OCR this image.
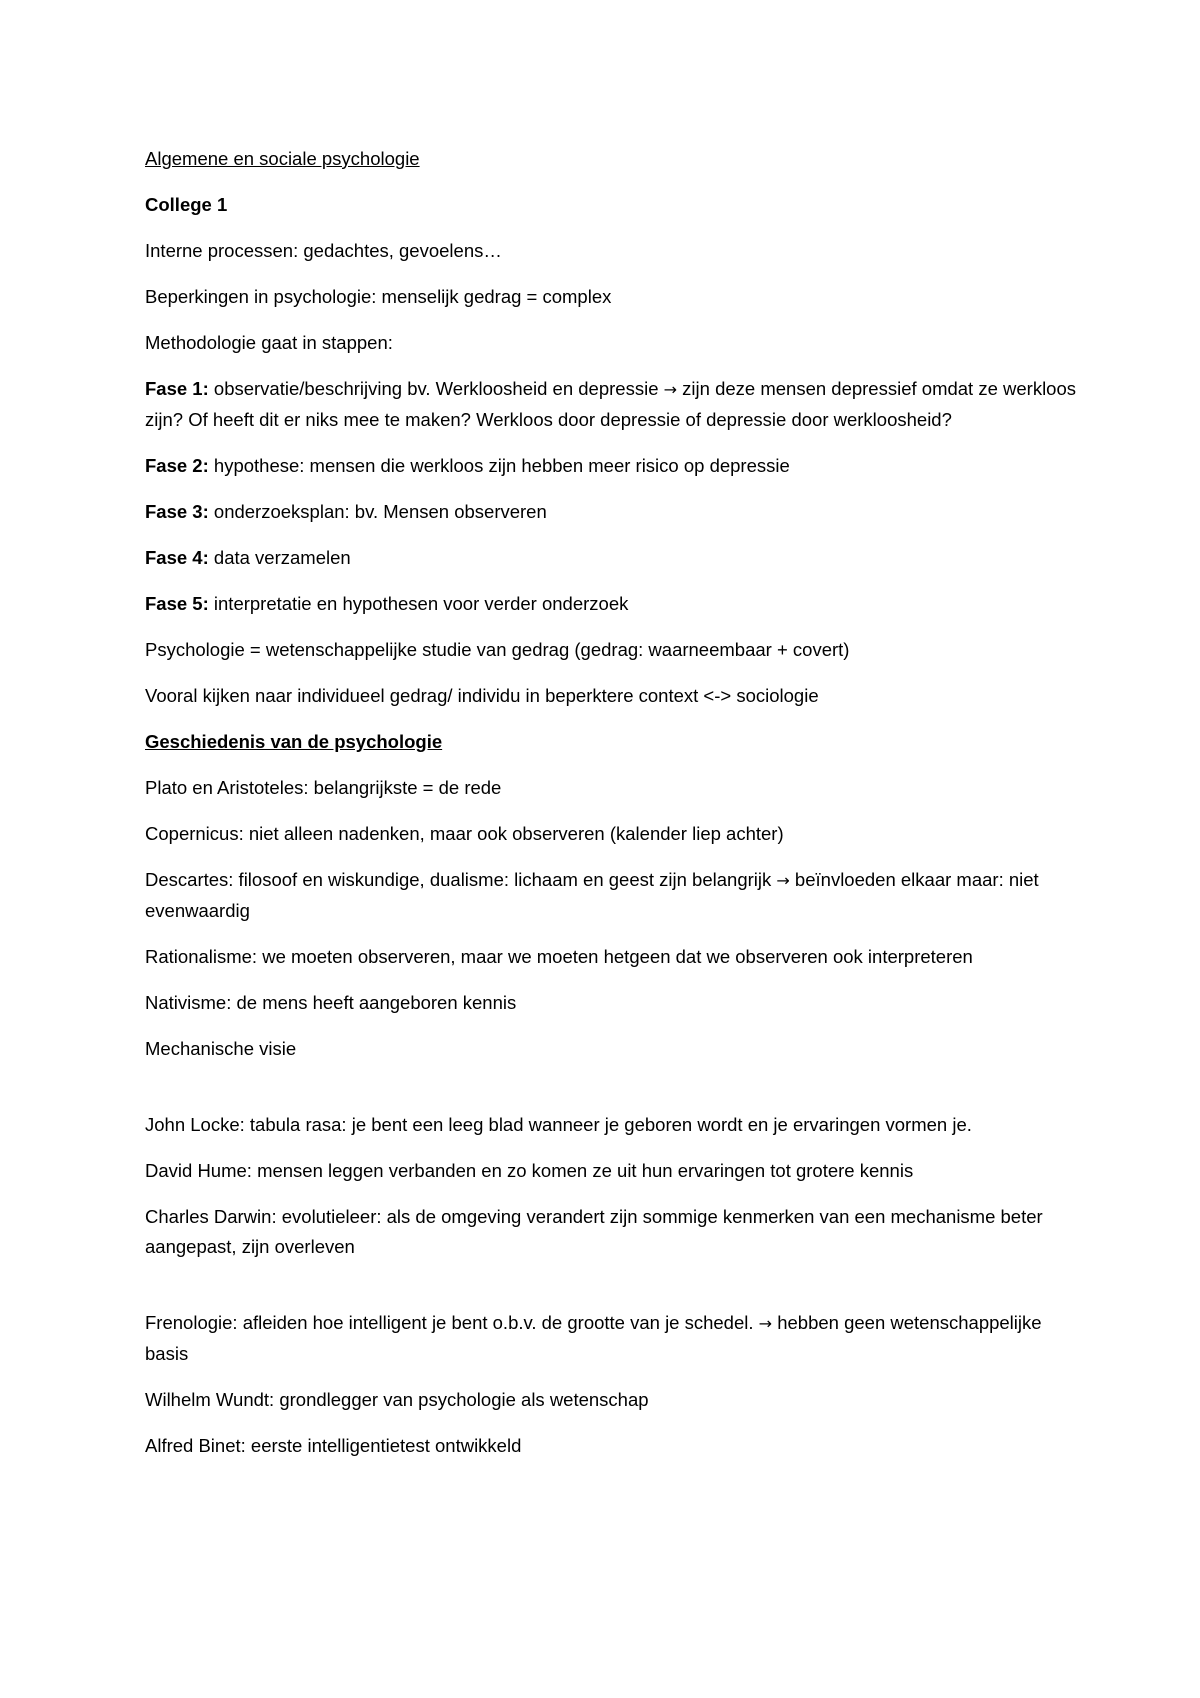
Algemene en sociale psychologie

College 1

Interne processen: gedachtes, gevoelens…

Beperkingen in psychologie: menselijk gedrag = complex

Methodologie gaat in stappen:

Fase 1: observatie/beschrijving bv. Werkloosheid en depressie → zijn deze mensen depressief omdat ze werkloos zijn? Of heeft dit er niks mee te maken? Werkloos door depressie of depressie door werkloosheid?

Fase 2: hypothese: mensen die werkloos zijn hebben meer risico op depressie

Fase 3: onderzoeksplan: bv. Mensen observeren

Fase 4: data verzamelen

Fase 5: interpretatie en hypothesen voor verder onderzoek

Psychologie = wetenschappelijke studie van gedrag (gedrag: waarneembaar + covert)

Vooral kijken naar individueel gedrag/ individu in beperktere context <-> sociologie

Geschiedenis van de psychologie

Plato en Aristoteles: belangrijkste = de rede

Copernicus: niet alleen nadenken, maar ook observeren (kalender liep achter)

Descartes: filosoof en wiskundige, dualisme: lichaam en geest zijn belangrijk → beïnvloeden elkaar maar: niet evenwaardig

Rationalisme: we moeten observeren, maar we moeten hetgeen dat we observeren ook interpreteren

Nativisme: de mens heeft aangeboren kennis

Mechanische visie

John Locke: tabula rasa: je bent een leeg blad wanneer je geboren wordt en je ervaringen vormen je.

David Hume: mensen leggen verbanden en zo komen ze uit hun ervaringen tot grotere kennis

Charles Darwin: evolutieleer: als de omgeving verandert zijn sommige kenmerken van een mechanisme beter aangepast, zijn overleven

Frenologie: afleiden hoe intelligent je bent o.b.v. de grootte van je schedel. → hebben geen wetenschappelijke basis

Wilhelm Wundt: grondlegger van psychologie als wetenschap

Alfred Binet: eerste intelligentietest ontwikkeld
